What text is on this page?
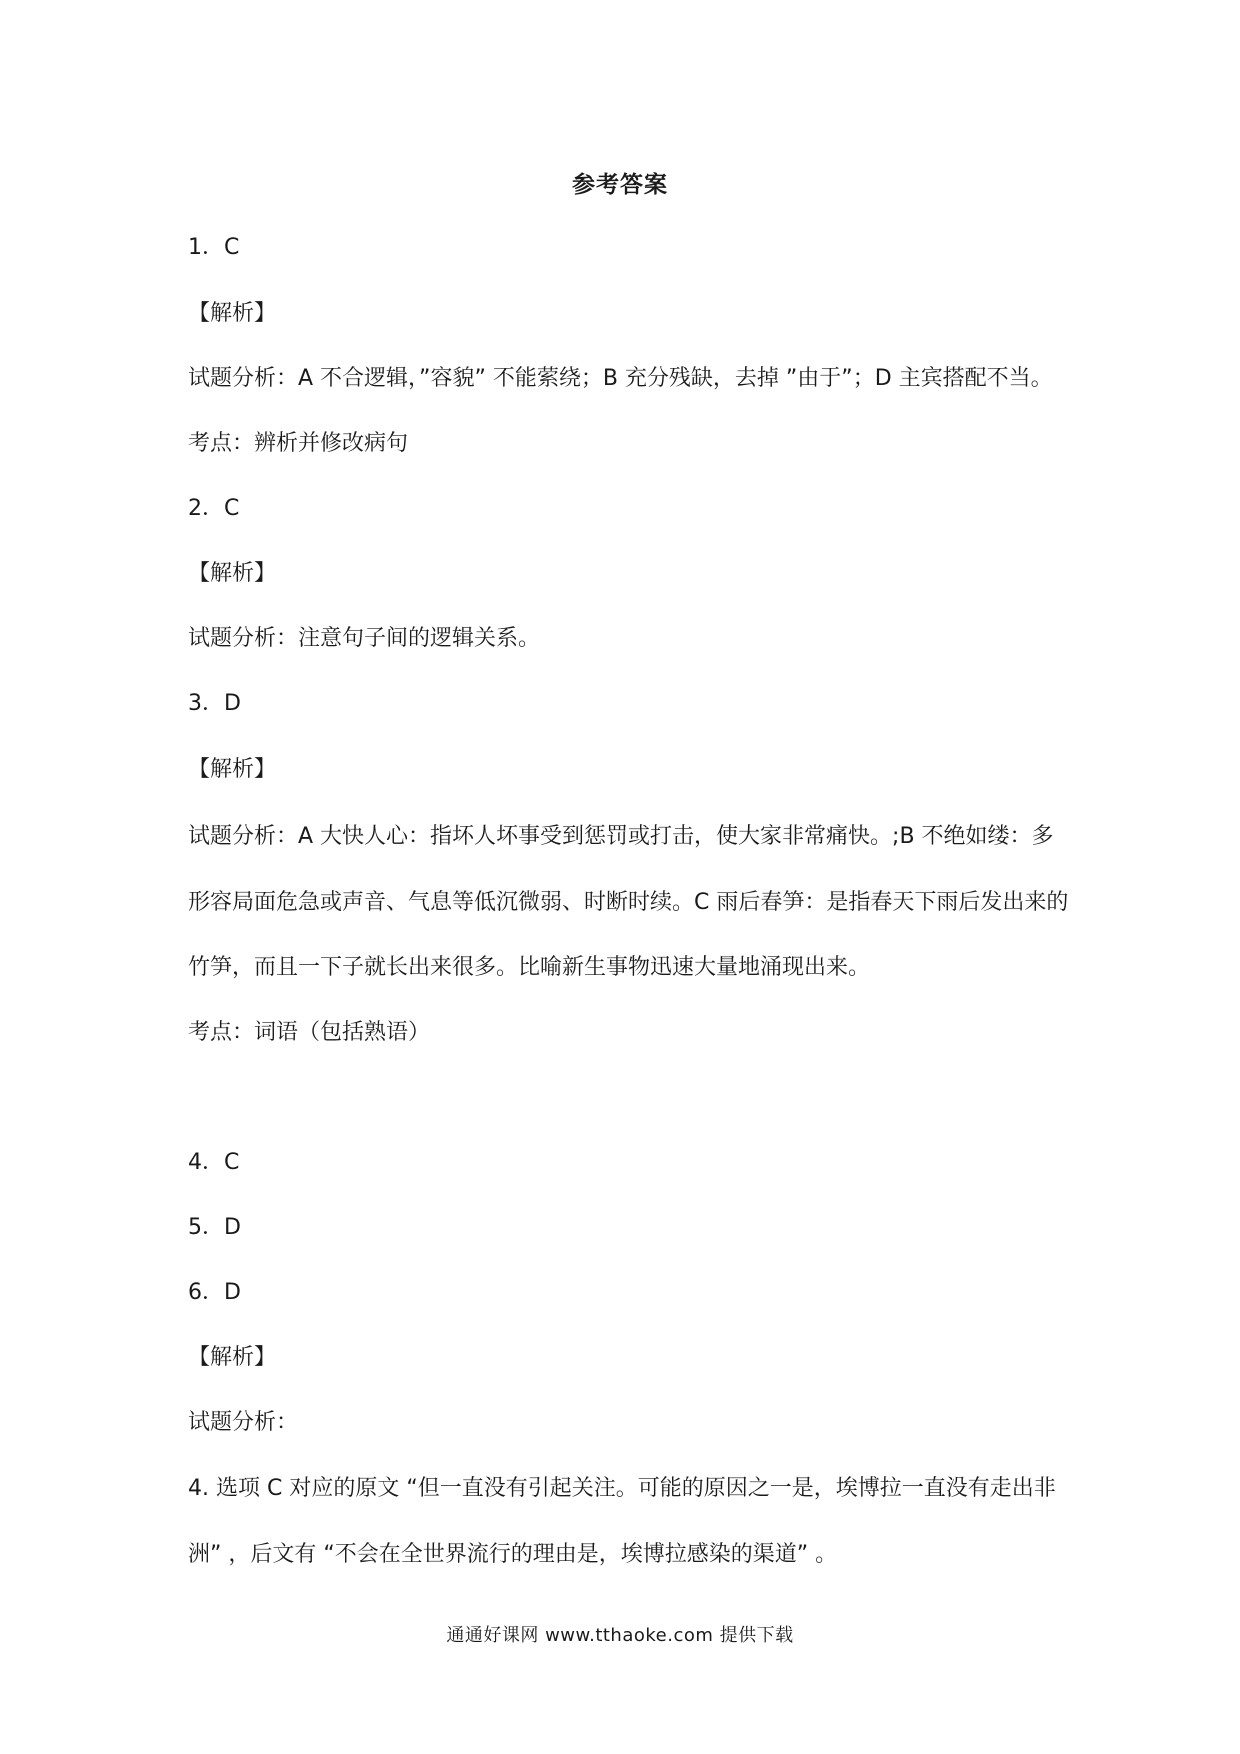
参考答案
1．C
【解析】
试题分析：A 不合逻辑，”容貌” 不能萦绕；B 充分残缺，去掉 ”由于”；D 主宾搭配不当。
考点：辨析并修改病句
2．C
【解析】
试题分析：注意句子间的逻辑关系。
3．D
【解析】
试题分析：A 大快人心：指坏人坏事受到惩罚或打击，使大家非常痛快。;B 不绝如缕：多
形容局面危急或声音、气息等低沉微弱、时断时续。C 雨后春笋：是指春天下雨后发出来的
竹笋，而且一下子就长出来很多。比喻新生事物迅速大量地涌现出来。
考点：词语（包括熟语）
4．C
5．D
6．D
【解析】
试题分析：
4. 选项 C 对应的原文 “但一直没有引起关注。可能的原因之一是，埃博拉一直没有走出非
洲” ，后文有 “不会在全世界流行的理由是，埃博拉感染的渠道” 。
通通好课网 www.tthaoke.com 提供下载
